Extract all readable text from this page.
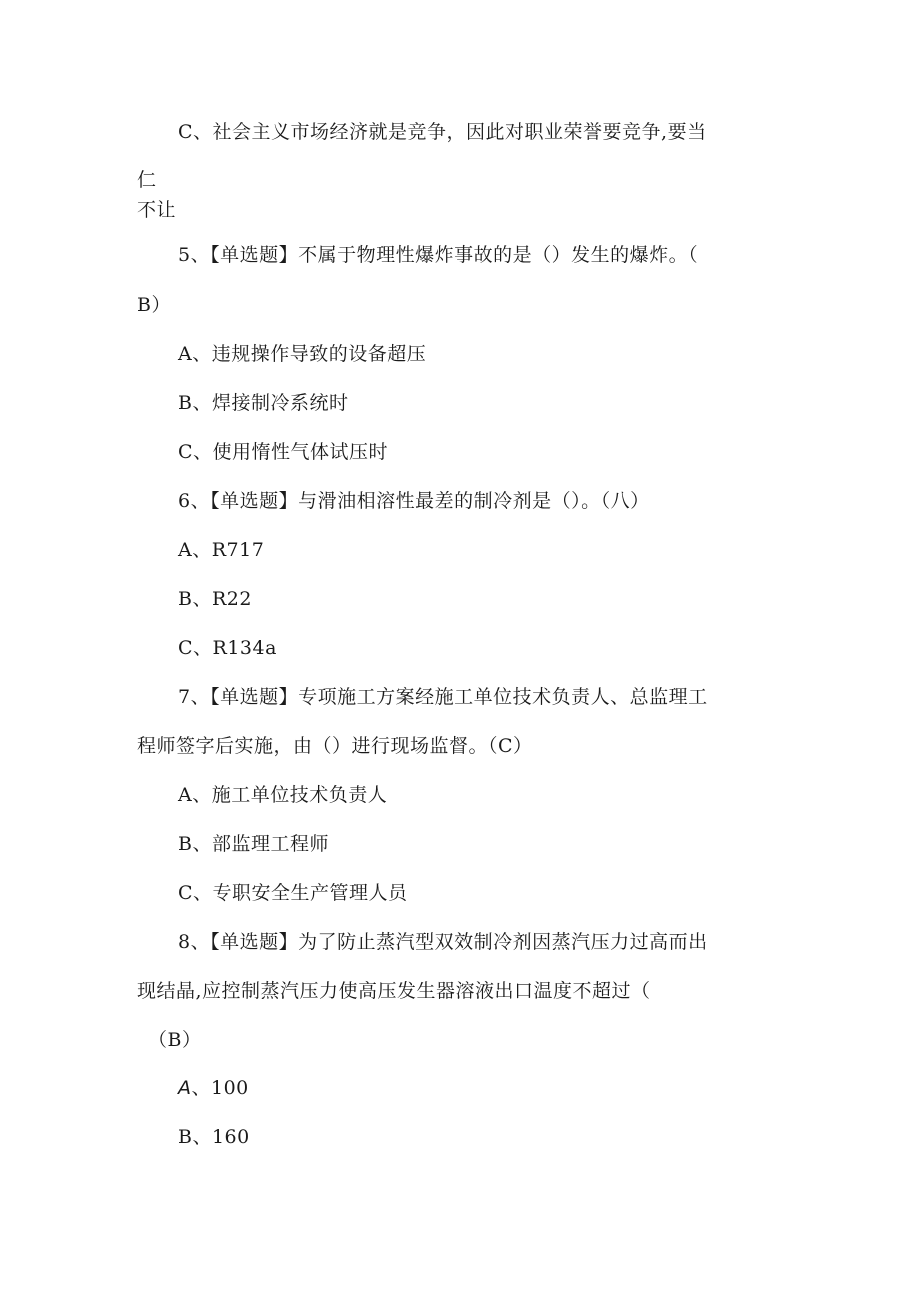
C、社会主义市场经济就是竞争，因此对职业荣誉要竞争,要当
仁
不让
5、【单选题】不属于物理性爆炸事故的是（）发生的爆炸。（
B）
A、违规操作导致的设备超压
B、焊接制冷系统时
C、使用惰性气体试压时
6、【单选题】与滑油相溶性最差的制冷剂是（）。（八）
A、R717
B、R22
C、R134a
7、【单选题】专项施工方案经施工单位技术负责人、总监理工
程师签字后实施，由（）进行现场监督。（C）
A、施工单位技术负责人
B、部监理工程师
C、专职安全生产管理人员
8、【单选题】为了防止蒸汽型双效制冷剂因蒸汽压力过高而出
现结晶,应控制蒸汽压力使高压发生器溶液出口温度不超过（
（B）
A、100
B、160
